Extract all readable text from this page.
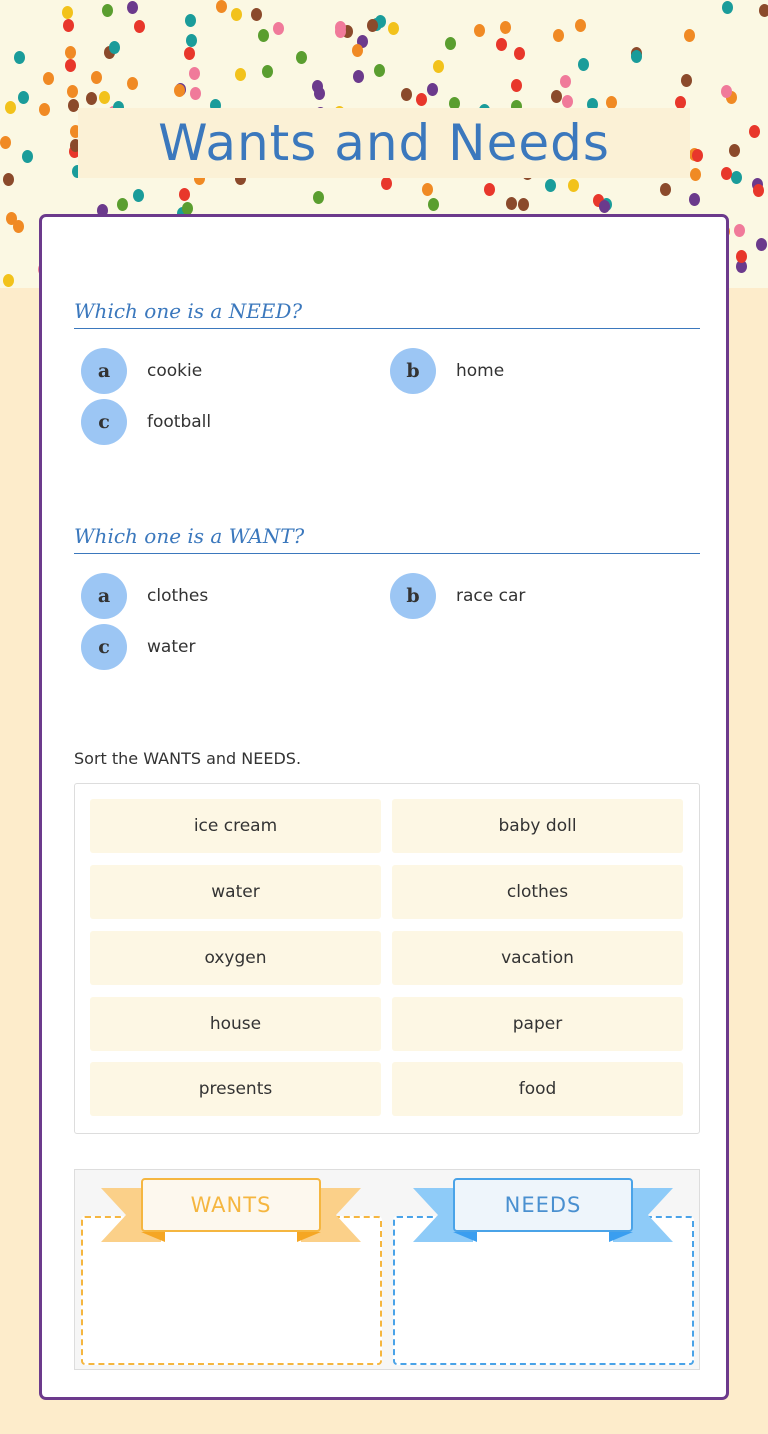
Wants and Needs
Which one is a NEED?
a	cookie	b	home
c	football
Which one is a WANT?
a	clothes	b	race car
c	water
Sort the WANTS and NEEDS.
ice cream	baby doll
water	clothes
oxygen	vacation
house	paper
presents	food
WANTS	NEEDS
